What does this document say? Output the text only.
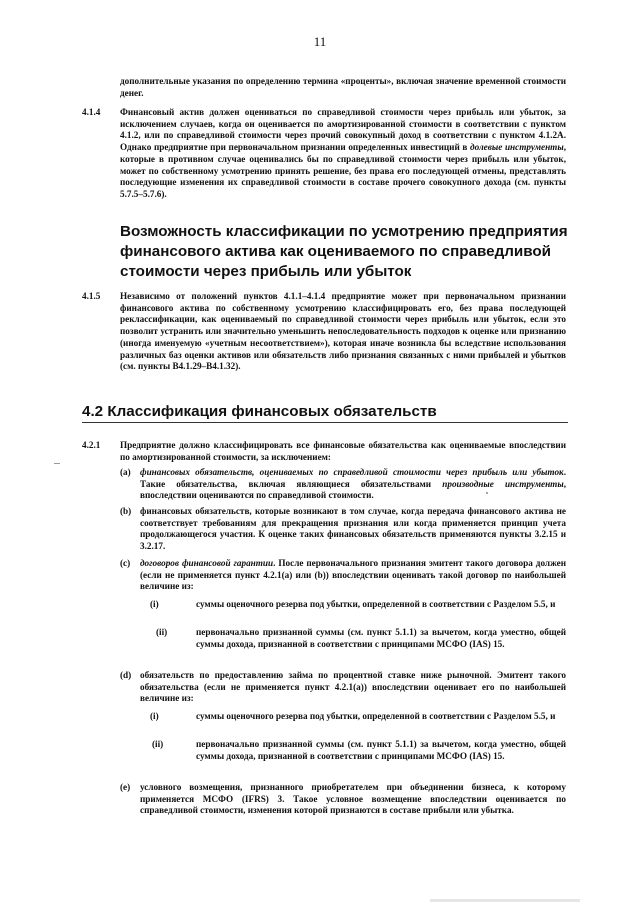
11

дополнительные указания по определению термина «проценты», включая значение временной стоимости денег.

4.1.4 Финансовый актив должен оцениваться по справедливой стоимости через прибыль или убыток, за исключением случаев, когда он оценивается по амортизированной стоимости в соответствии с пунктом 4.1.2, или по справедливой стоимости через прочий совокупный доход в соответствии с пунктом 4.1.2А. Однако предприятие при первоначальном признании определенных инвестиций в долевые инструменты, которые в противном случае оценивались бы по справедливой стоимости через прибыль или убыток, может по собственному усмотрению принять решение, без права его последующей отмены, представлять последующие изменения их справедливой стоимости в составе прочего совокупного дохода (см. пункты 5.7.5–5.7.6).

Возможность классификации по усмотрению предприятия финансового актива как оцениваемого по справедливой стоимости через прибыль или убыток
4.1.5 Независимо от положений пунктов 4.1.1–4.1.4 предприятие может при первоначальном признании финансового актива по собственному усмотрению классифицировать его, без права последующей реклассификации, как оцениваемый по справедливой стоимости через прибыль или убыток, если это позволит устранить или значительно уменьшить непоследовательность подходов к оценке или признанию (иногда именуемую «учетным несоответствием»), которая иначе возникла бы вследствие использования различных баз оценки активов или обязательств либо признания связанных с ними прибылей и убытков (см. пункты В4.1.29–В4.1.32).

4.2 Классификация финансовых обязательств
4.2.1 Предприятие должно классифицировать все финансовые обязательства как оцениваемые впоследствии по амортизированной стоимости, за исключением:

(a) финансовых обязательств, оцениваемых по справедливой стоимости через прибыль или убыток. Такие обязательства, включая являющиеся обязательствами производные инструменты, впоследствии оцениваются по справедливой стоимости.

(b) финансовых обязательств, которые возникают в том случае, когда передача финансового актива не соответствует требованиям для прекращения признания или когда применяется принцип учета продолжающегося участия. К оценке таких финансовых обязательств применяются пункты 3.2.15 и 3.2.17.

(c) договоров финансовой гарантии. После первоначального признания эмитент такого договора должен (если не применяется пункт 4.2.1(a) или (b)) впоследствии оценивать такой договор по наибольшей величине из:

(i)	суммы оценочного резерва под убытки, определенной в соответствии с Разделом 5.5, и

(ii)	первоначально признанной суммы (см. пункт 5.1.1) за вычетом, когда уместно, общей суммы дохода, признанной в соответствии с принципами МСФО (IAS) 15.

(d) обязательств по предоставлению займа по процентной ставке ниже рыночной. Эмитент такого обязательства (если не применяется пункт 4.2.1(a)) впоследствии оценивает его по наибольшей величине из:

(i)	суммы оценочного резерва под убытки, определенной в соответствии с Разделом 5.5, и

(ii)	первоначально признанной суммы (см. пункт 5.1.1) за вычетом, когда уместно, общей суммы дохода, признанной в соответствии с принципами МСФО (IAS) 15.

(e) условного возмещения, признанного приобретателем при объединении бизнеса, к которому применяется МСФО (IFRS) 3. Такое условное возмещение впоследствии оценивается по справедливой стоимости, изменения которой признаются в составе прибыли или убытка.
